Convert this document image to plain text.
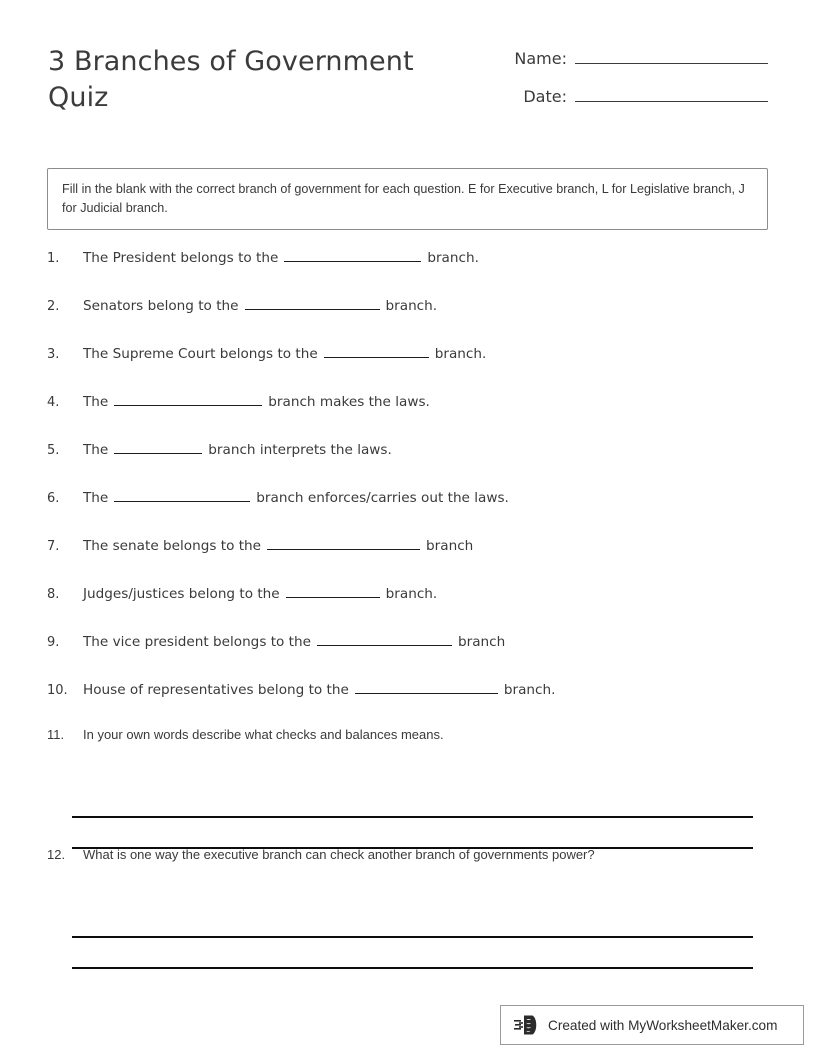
3 Branches of Government Quiz
Name:
Date:
Fill in the blank with the correct branch of government for each question. E for Executive branch, L for Legislative branch, J for Judicial branch.
1.	The President belongs to the	branch.
2.	Senators belong to the	branch.
3.	The Supreme Court belongs to the	branch.
4.	The	branch makes the laws.
5.	The	branch interprets the laws.
6.	The	branch enforces/carries out the laws.
7.	The senate belongs to the	branch
8.	Judges/justices belong to the	branch.
9.	The vice president belongs to the	branch
10.	House of representatives belong to the	branch.
11.	In your own words describe what checks and balances means.
12.	What is one way the executive branch can check another branch of governments power?
Created with MyWorksheetMaker.com
